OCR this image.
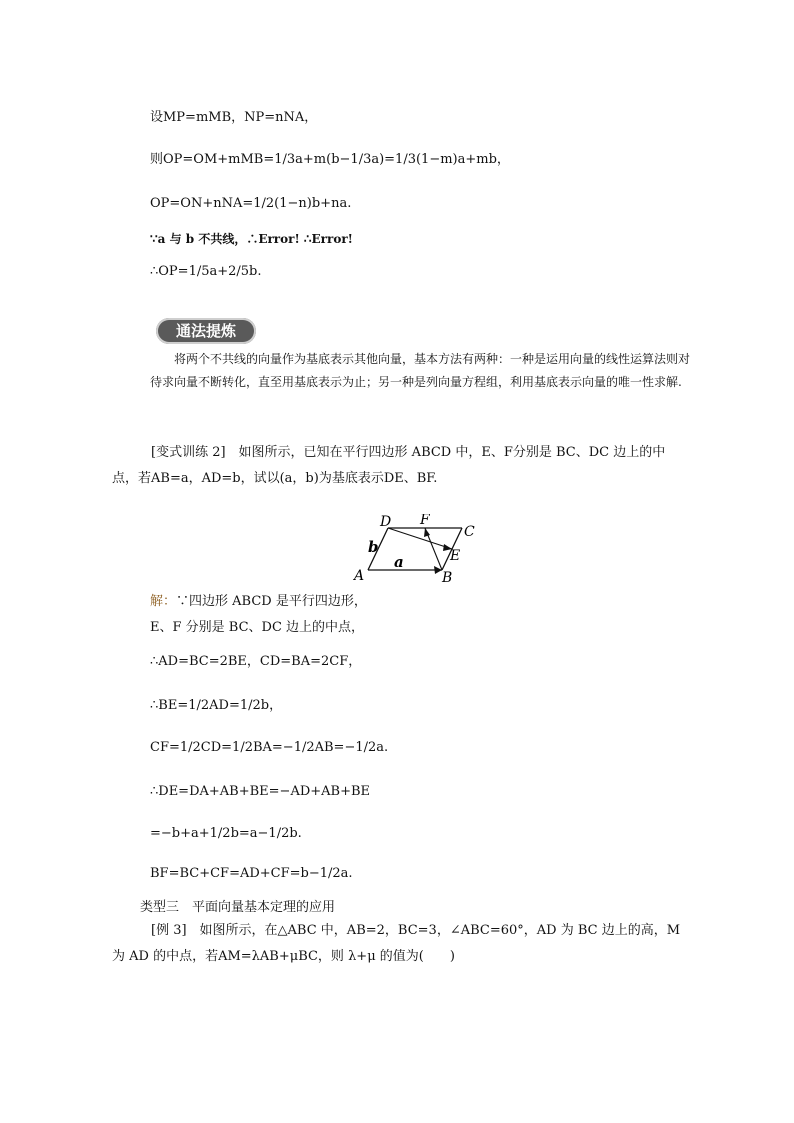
设MP=mMB，NP=nNA，
则OP=OM+mMB=1/3a+m(b−1/3a)=1/3(1−m)a+mb，
OP=ON+nNA=1/2(1−n)b+na.
∵a 与 b 不共线，∴Error! ∴Error!
∴OP=1/5a+2/5b.
通法提炼
将两个不共线的向量作为基底表示其他向量，基本方法有两种：一种是运用向量的线性运算法则对待求向量不断转化，直至用基底表示为止；另一种是列向量方程组，利用基底表示向量的唯一性求解.
[变式训练 2]　如图所示，已知在平行四边形 ABCD 中，E、F分别是 BC、DC 边上的中点，若AB=a，AD=b，试以(a，b)为基底表示DE、BF.
A	B
C
D
E
F
a
b
解：∵四边形 ABCD 是平行四边形，
E、F 分别是 BC、DC 边上的中点，
∴AD=BC=2BE，CD=BA=2CF，
∴BE=1/2AD=1/2b，
CF=1/2CD=1/2BA=−1/2AB=−1/2a.
∴DE=DA+AB+BE=−AD+AB+BE
=−b+a+1/2b=a−1/2b.
BF=BC+CF=AD+CF=b−1/2a.
类型三　平面向量基本定理的应用
[例 3]　如图所示，在△ABC 中，AB=2，BC=3，∠ABC=60°，AD 为 BC 边上的高，M 为 AD 的中点，若AM=λAB+μBC，则 λ+μ 的值为(　　)
